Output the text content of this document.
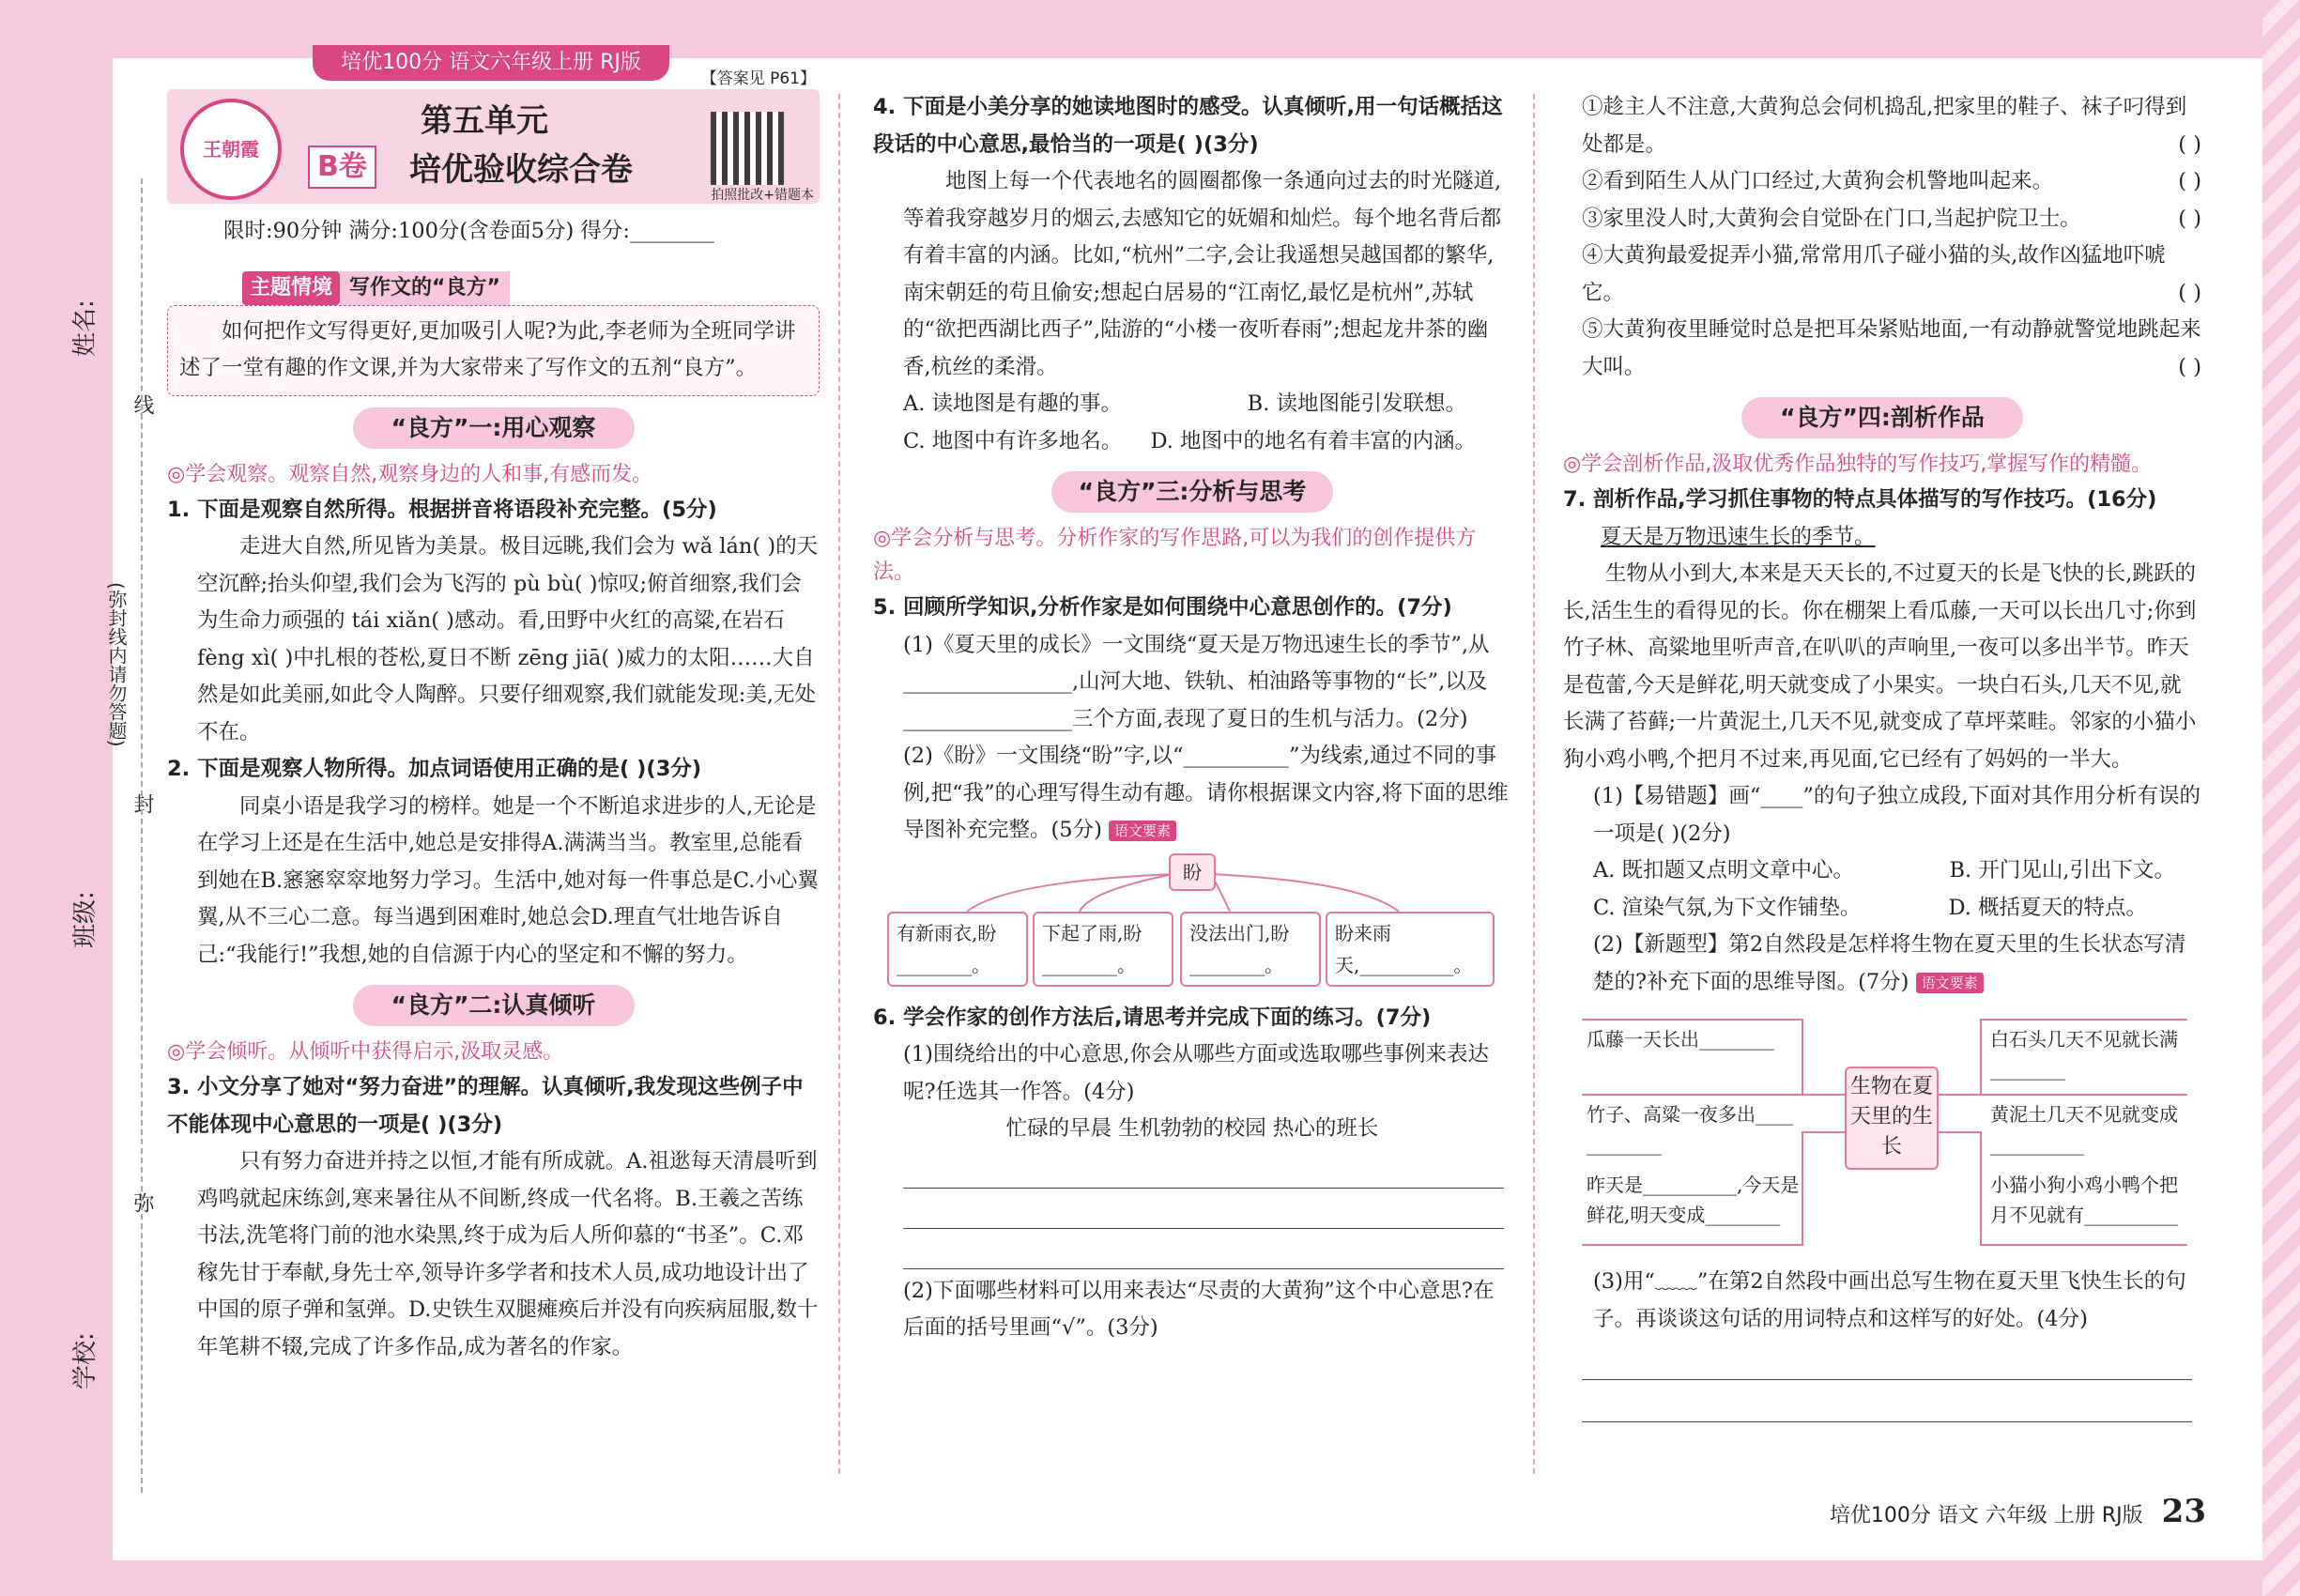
培优100分 语文六年级上册 RJ版
姓名:
班级:
学校:
(弥封线内请勿答题)
线
封
弥
【答案见 P61】
王朝霞
第五单元
B卷 培优验收综合卷
拍照批改+错题本

限时:90分钟 满分:100分(含卷面5分) 得分:________

主题情境 写作文的“良方”

如何把作文写得更好,更加吸引人呢?为此,李老师为全班同学讲述了一堂有趣的作文课,并为大家带来了写作文的五剂“良方”。

“良方”一:用心观察

◎学会观察。观察自然,观察身边的人和事,有感而发。

1. 下面是观察自然所得。根据拼音将语段补充完整。(5分)

走进大自然,所见皆为美景。极目远眺,我们会为 wǎ lán( )的天空沉醉;抬头仰望,我们会为飞泻的 pù bù( )惊叹;俯首细察,我们会为生命力顽强的 tái xiǎn( )感动。看,田野中火红的高粱,在岩石 fèng xì( )中扎根的苍松,夏日不断 zēng jiā( )威力的太阳……大自然是如此美丽,如此令人陶醉。只要仔细观察,我们就能发现:美,无处不在。

2. 下面是观察人物所得。加点词语使用正确的是( )(3分)

同桌小语是我学习的榜样。她是一个不断追求进步的人,无论是在学习上还是在生活中,她总是安排得A.满满当当。教室里,总能看到她在B.窸窸窣窣地努力学习。生活中,她对每一件事总是C.小心翼翼,从不三心二意。每当遇到困难时,她总会D.理直气壮地告诉自己:“我能行!”我想,她的自信源于内心的坚定和不懈的努力。

“良方”二:认真倾听

◎学会倾听。从倾听中获得启示,汲取灵感。

3. 小文分享了她对“努力奋进”的理解。认真倾听,我发现这些例子中不能体现中心意思的一项是( )(3分)

只有努力奋进并持之以恒,才能有所成就。A.祖逖每天清晨听到鸡鸣就起床练剑,寒来暑往从不间断,终成一代名将。B.王羲之苦练书法,洗笔将门前的池水染黑,终于成为后人所仰慕的“书圣”。C.邓稼先甘于奉献,身先士卒,领导许多学者和技术人员,成功地设计出了中国的原子弹和氢弹。D.史铁生双腿瘫痪后并没有向疾病屈服,数十年笔耕不辍,完成了许多作品,成为著名的作家。

4. 下面是小美分享的她读地图时的感受。认真倾听,用一句话概括这段话的中心意思,最恰当的一项是( )(3分)

地图上每一个代表地名的圆圈都像一条通向过去的时光隧道,等着我穿越岁月的烟云,去感知它的妩媚和灿烂。每个地名背后都有着丰富的内涵。比如,“杭州”二字,会让我遥想吴越国都的繁华,南宋朝廷的苟且偷安;想起白居易的“江南忆,最忆是杭州”,苏轼的“欲把西湖比西子”,陆游的“小楼一夜听春雨”;想起龙井茶的幽香,杭丝的柔滑。

A. 读地图是有趣的事。	B. 读地图能引发联想。
C. 地图中有许多地名。 D. 地图中的地名有着丰富的内涵。
“良方”三:分析与思考

◎学会分析与思考。分析作家的写作思路,可以为我们的创作提供方法。

5. 回顾所学知识,分析作家是如何围绕中心意思创作的。(7分)

(1)《夏天里的成长》一文围绕“夏天是万物迅速生长的季节”,从________________,山河大地、铁轨、柏油路等事物的“长”,以及________________三个方面,表现了夏日的生机与活力。(2分)

(2)《盼》一文围绕“盼”字,以“__________”为线索,通过不同的事例,把“我”的心理写得生动有趣。请你根据课文内容,将下面的思维导图补充完整。(5分) 语文要素

盼
有新雨衣,盼________。
下起了雨,盼________。
没法出门,盼________。
盼来雨天,__________。

6. 学会作家的创作方法后,请思考并完成下面的练习。(7分)

(1)围绕给出的中心意思,你会从哪些方面或选取哪些事例来表达呢?任选其一作答。(4分)

忙碌的早晨 生机勃勃的校园 热心的班长

(2)下面哪些材料可以用来表达“尽责的大黄狗”这个中心意思?在后面的括号里画“√”。(3分)

①趁主人不注意,大黄狗总会伺机捣乱,把家里的鞋子、袜子叼得到处都是。	( )

②看到陌生人从门口经过,大黄狗会机警地叫起来。	( )

③家里没人时,大黄狗会自觉卧在门口,当起护院卫士。	( )

④大黄狗最爱捉弄小猫,常常用爪子碰小猫的头,故作凶猛地吓唬它。	( )

⑤大黄狗夜里睡觉时总是把耳朵紧贴地面,一有动静就警觉地跳起来大叫。	( )

“良方”四:剖析作品

◎学会剖析作品,汲取优秀作品独特的写作技巧,掌握写作的精髓。

7. 剖析作品,学习抓住事物的特点具体描写的写作技巧。(16分)

夏天是万物迅速生长的季节。

生物从小到大,本来是天天长的,不过夏天的长是飞快的长,跳跃的长,活生生的看得见的长。你在棚架上看瓜藤,一天可以长出几寸;你到竹子林、高粱地里听声音,在叭叭的声响里,一夜可以多出半节。昨天是苞蕾,今天是鲜花,明天就变成了小果实。一块白石头,几天不见,就长满了苔藓;一片黄泥土,几天不见,就变成了草坪菜畦。邻家的小猫小狗小鸡小鸭,个把月不过来,再见面,它已经有了妈妈的一半大。

(1)【易错题】画“____”的句子独立成段,下面对其作用分析有误的一项是( )(2分)

A. 既扣题又点明文章中心。	B. 开门见山,引出下文。
C. 渲染气氛,为下文作铺垫。	D. 概括夏天的特点。

(2)【新题型】第2自然段是怎样将生物在夏天里的生长状态写清楚的?补充下面的思维导图。(7分) 语文要素

生物在夏天里的生长
瓜藤一天长出________
竹子、高粱一夜多出____ ________
昨天是__________,今天是鲜花,明天变成________
白石头几天不见就长满________
黄泥土几天不见就变成__________
小猫小狗小鸡小鸭个把月不见就有__________

(3)用“﹏﹏”在第2自然段中画出总写生物在夏天里飞快生长的句子。再谈谈这句话的用词特点和这样写的好处。(4分)

培优100分 语文 六年级 上册 RJ版 23
